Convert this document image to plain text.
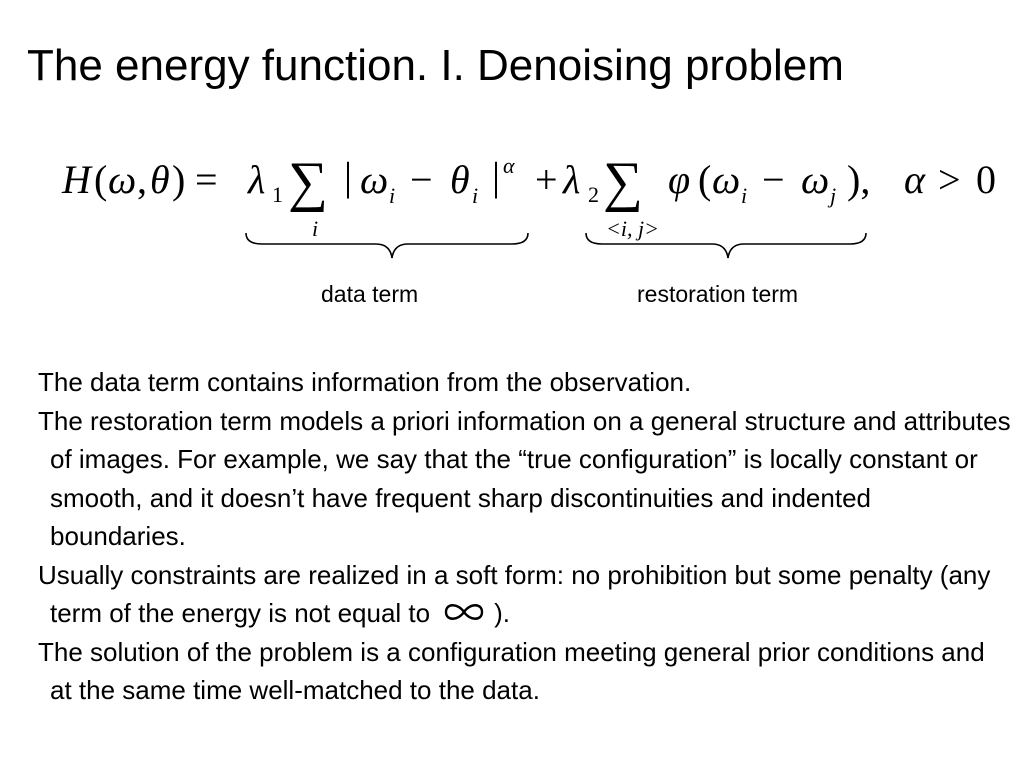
The energy function. I. Denoising problem
H ( ω , θ ) = λ 1 ∑
i
| ω i − θ i | α + λ 2 ∑
<i, j>
φ ( ω i − ω j ), α > 0
data term	restoration term

The data term contains information from the observation.

The restoration term models a priori information on a general structure and attributes of images. For example, we say that the “true configuration” is locally constant or smooth, and it doesn’t have frequent sharp discontinuities and indented boundaries.

Usually constraints are realized in a soft form: no prohibition but some penalty (any term of the energy is not equal to ).

The solution of the problem is a configuration meeting general prior conditions and at the same time well-matched to the data.
